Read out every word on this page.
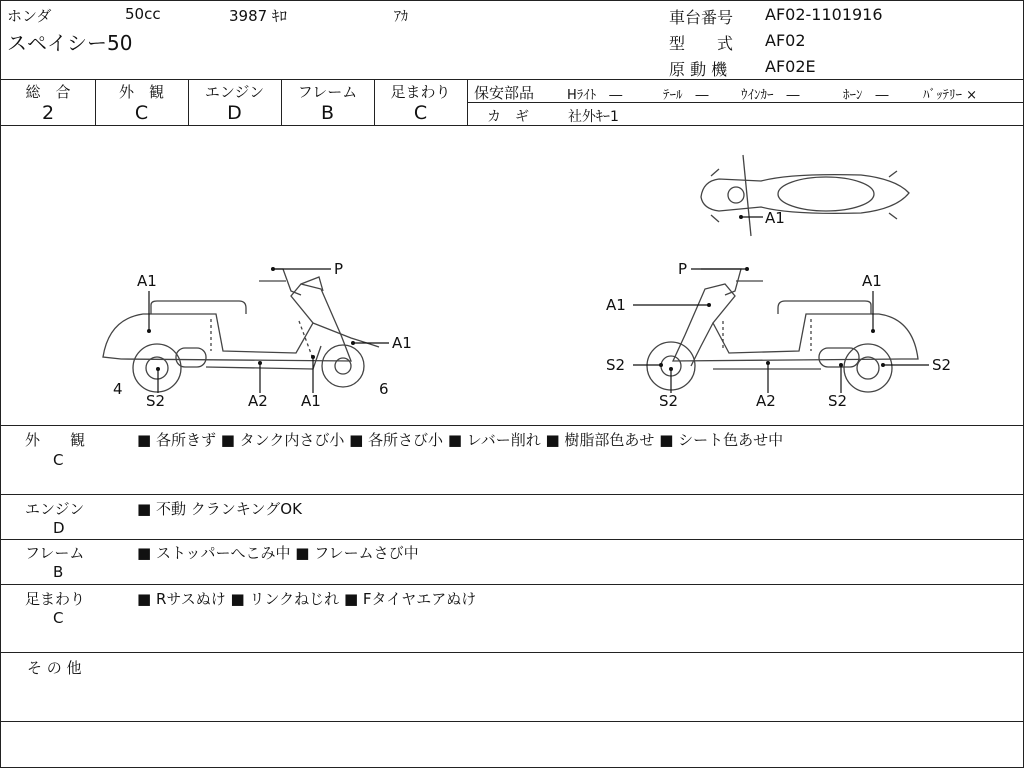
ホンダ	50cc	3987 ｷﾛ	ｱｶ
スペイシー50
車台番号 AF02-1101916
型　　式 AF02
原 動 機 AF02E
総　合
2
外　観
C
エンジン
D
フレーム
B
足まわり
C
保安部品	Hﾗｲﾄ　―	ﾃｰﾙ　― ｳｲﾝｶｰ　―	ﾎｰﾝ　―	ﾊﾞｯﾃﾘｰ ×
カ　ギ	社外ｷｰ1
A1
P
A1
4
S2	A2 A1
6
A1
P
A1
A1
S2
S2	A2	S2
S2
外　　観
C
■ 各所きず ■ タンク内さび小 ■ 各所さび小 ■ レバー削れ ■ 樹脂部色あせ ■ シート色あせ中
エンジン
D
■ 不動 クランキングOK
フレーム
B
■ ストッパーへこみ中 ■ フレームさび中
足まわり
C
■ Rサスぬけ ■ リンクねじれ ■ Fタイヤエアぬけ
そ の 他
